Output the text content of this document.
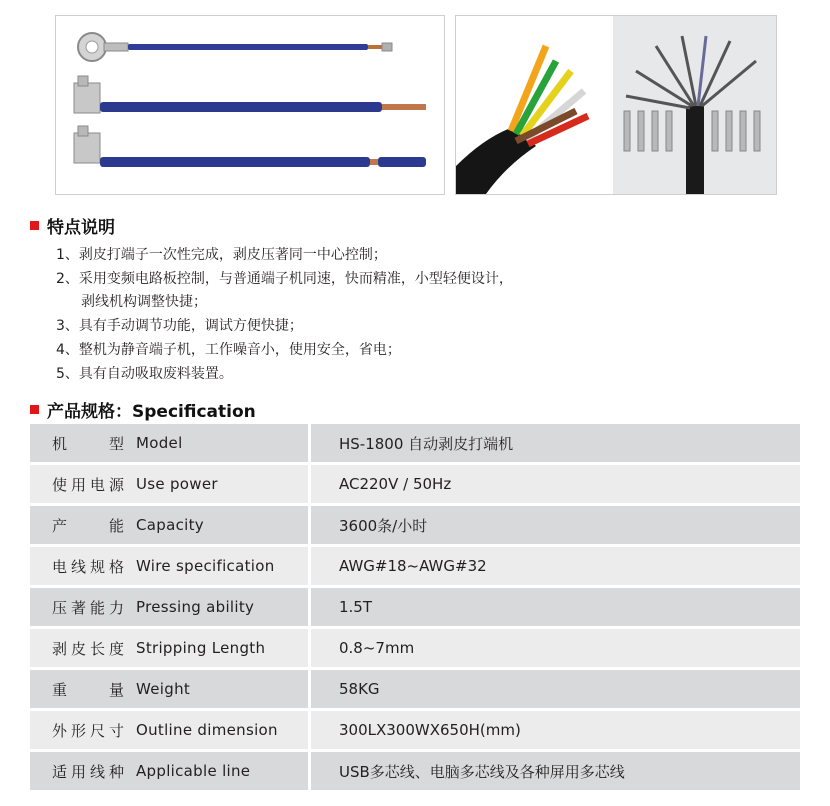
特点说明
1、剥皮打端子一次性完成，剥皮压著同一中心控制；
2、采用变频电路板控制，与普通端子机同速，快而精准，小型轻便设计，
剥线机构调整快捷；
3、具有手动调节功能，调试方便快捷；
4、整机为静音端子机，工作噪音小，使用安全，省电；
5、具有自动吸取废料装置。
产品规格：Specification
机型 Model	HS-1800 自动剥皮打端机

使用电源 Use power	AC220V / 50Hz

产能 Capacity	3600条/小时

电线规格 Wire specification	AWG#18~AWG#32

压著能力 Pressing ability	1.5T

剥皮长度 Stripping Length	0.8~7mm

重量 Weight	58KG

外形尺寸 Outline dimension	300LX300WX650H(mm)

适用线种 Applicable line	USB多芯线、电脑多芯线及各种屏用多芯线
